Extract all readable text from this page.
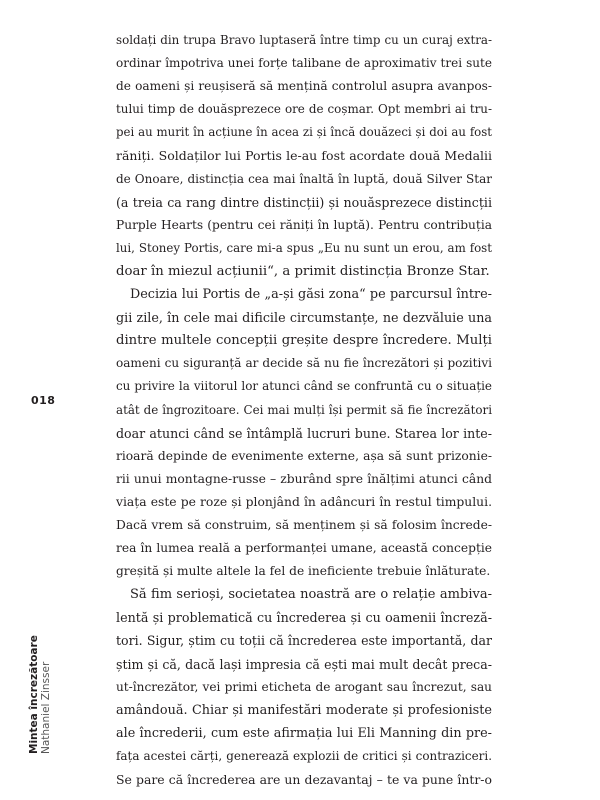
soldați din trupa Bravo luptaseră între timp cu un curaj extra-
ordinar împotriva unei forțe talibane de aproximativ trei sute
de oameni și reușiseră să mențină controlul asupra avanpos-
tului timp de douăsprezece ore de coșmar. Opt membri ai tru-
pei au murit în acțiune în acea zi și încă douăzeci și doi au fost
răniți. Soldaților lui Portis le-au fost acordate două Medalii
de Onoare, distincția cea mai înaltă în luptă, două Silver Star
(a treia ca rang dintre distincții) și nouăsprezece distincții
Purple Hearts (pentru cei răniți în luptă). Pentru contribuția
lui, Stoney Portis, care mi-a spus „Eu nu sunt un erou, am fost
doar în miezul acțiunii“, a primit distincția Bronze Star.
Decizia lui Portis de „a-și găsi zona“ pe parcursul între-
gii zile, în cele mai dificile circumstanțe, ne dezvăluie una
dintre multele concepții greșite despre încredere. Mulți
oameni cu siguranță ar decide să nu fie încrezători și pozitivi
cu privire la viitorul lor atunci când se confruntă cu o situație
atât de îngrozitoare. Cei mai mulți își permit să fie încrezători
doar atunci când se întâmplă lucruri bune. Starea lor inte-
rioară depinde de evenimente externe, așa să sunt prizonie-
rii unui montagne-russe – zburând spre înălțimi atunci când
viața este pe roze și plonjând în adâncuri în restul timpului.
Dacă vrem să construim, să menținem și să folosim încrede-
rea în lumea reală a performanței umane, această concepție
greșită și multe altele la fel de ineficiente trebuie înlăturate.
Să fim serioși, societatea noastră are o relație ambiva-
lentă și problematică cu încrederea și cu oamenii încreză-
tori. Sigur, știm cu toții că încrederea este importantă, dar
știm și că, dacă lași impresia că ești mai mult decât preca-
ut-încrezător, vei primi eticheta de arogant sau încrezut, sau
amândouă. Chiar și manifestări moderate și profesioniste
ale încrederii, cum este afirmația lui Eli Manning din pre-
fața acestei cărți, generează explozii de critici și contraziceri.
Se pare că încrederea are un dezavantaj – te va pune într-o
018
Mintea încrezătoare Nathaniel Zinsser
